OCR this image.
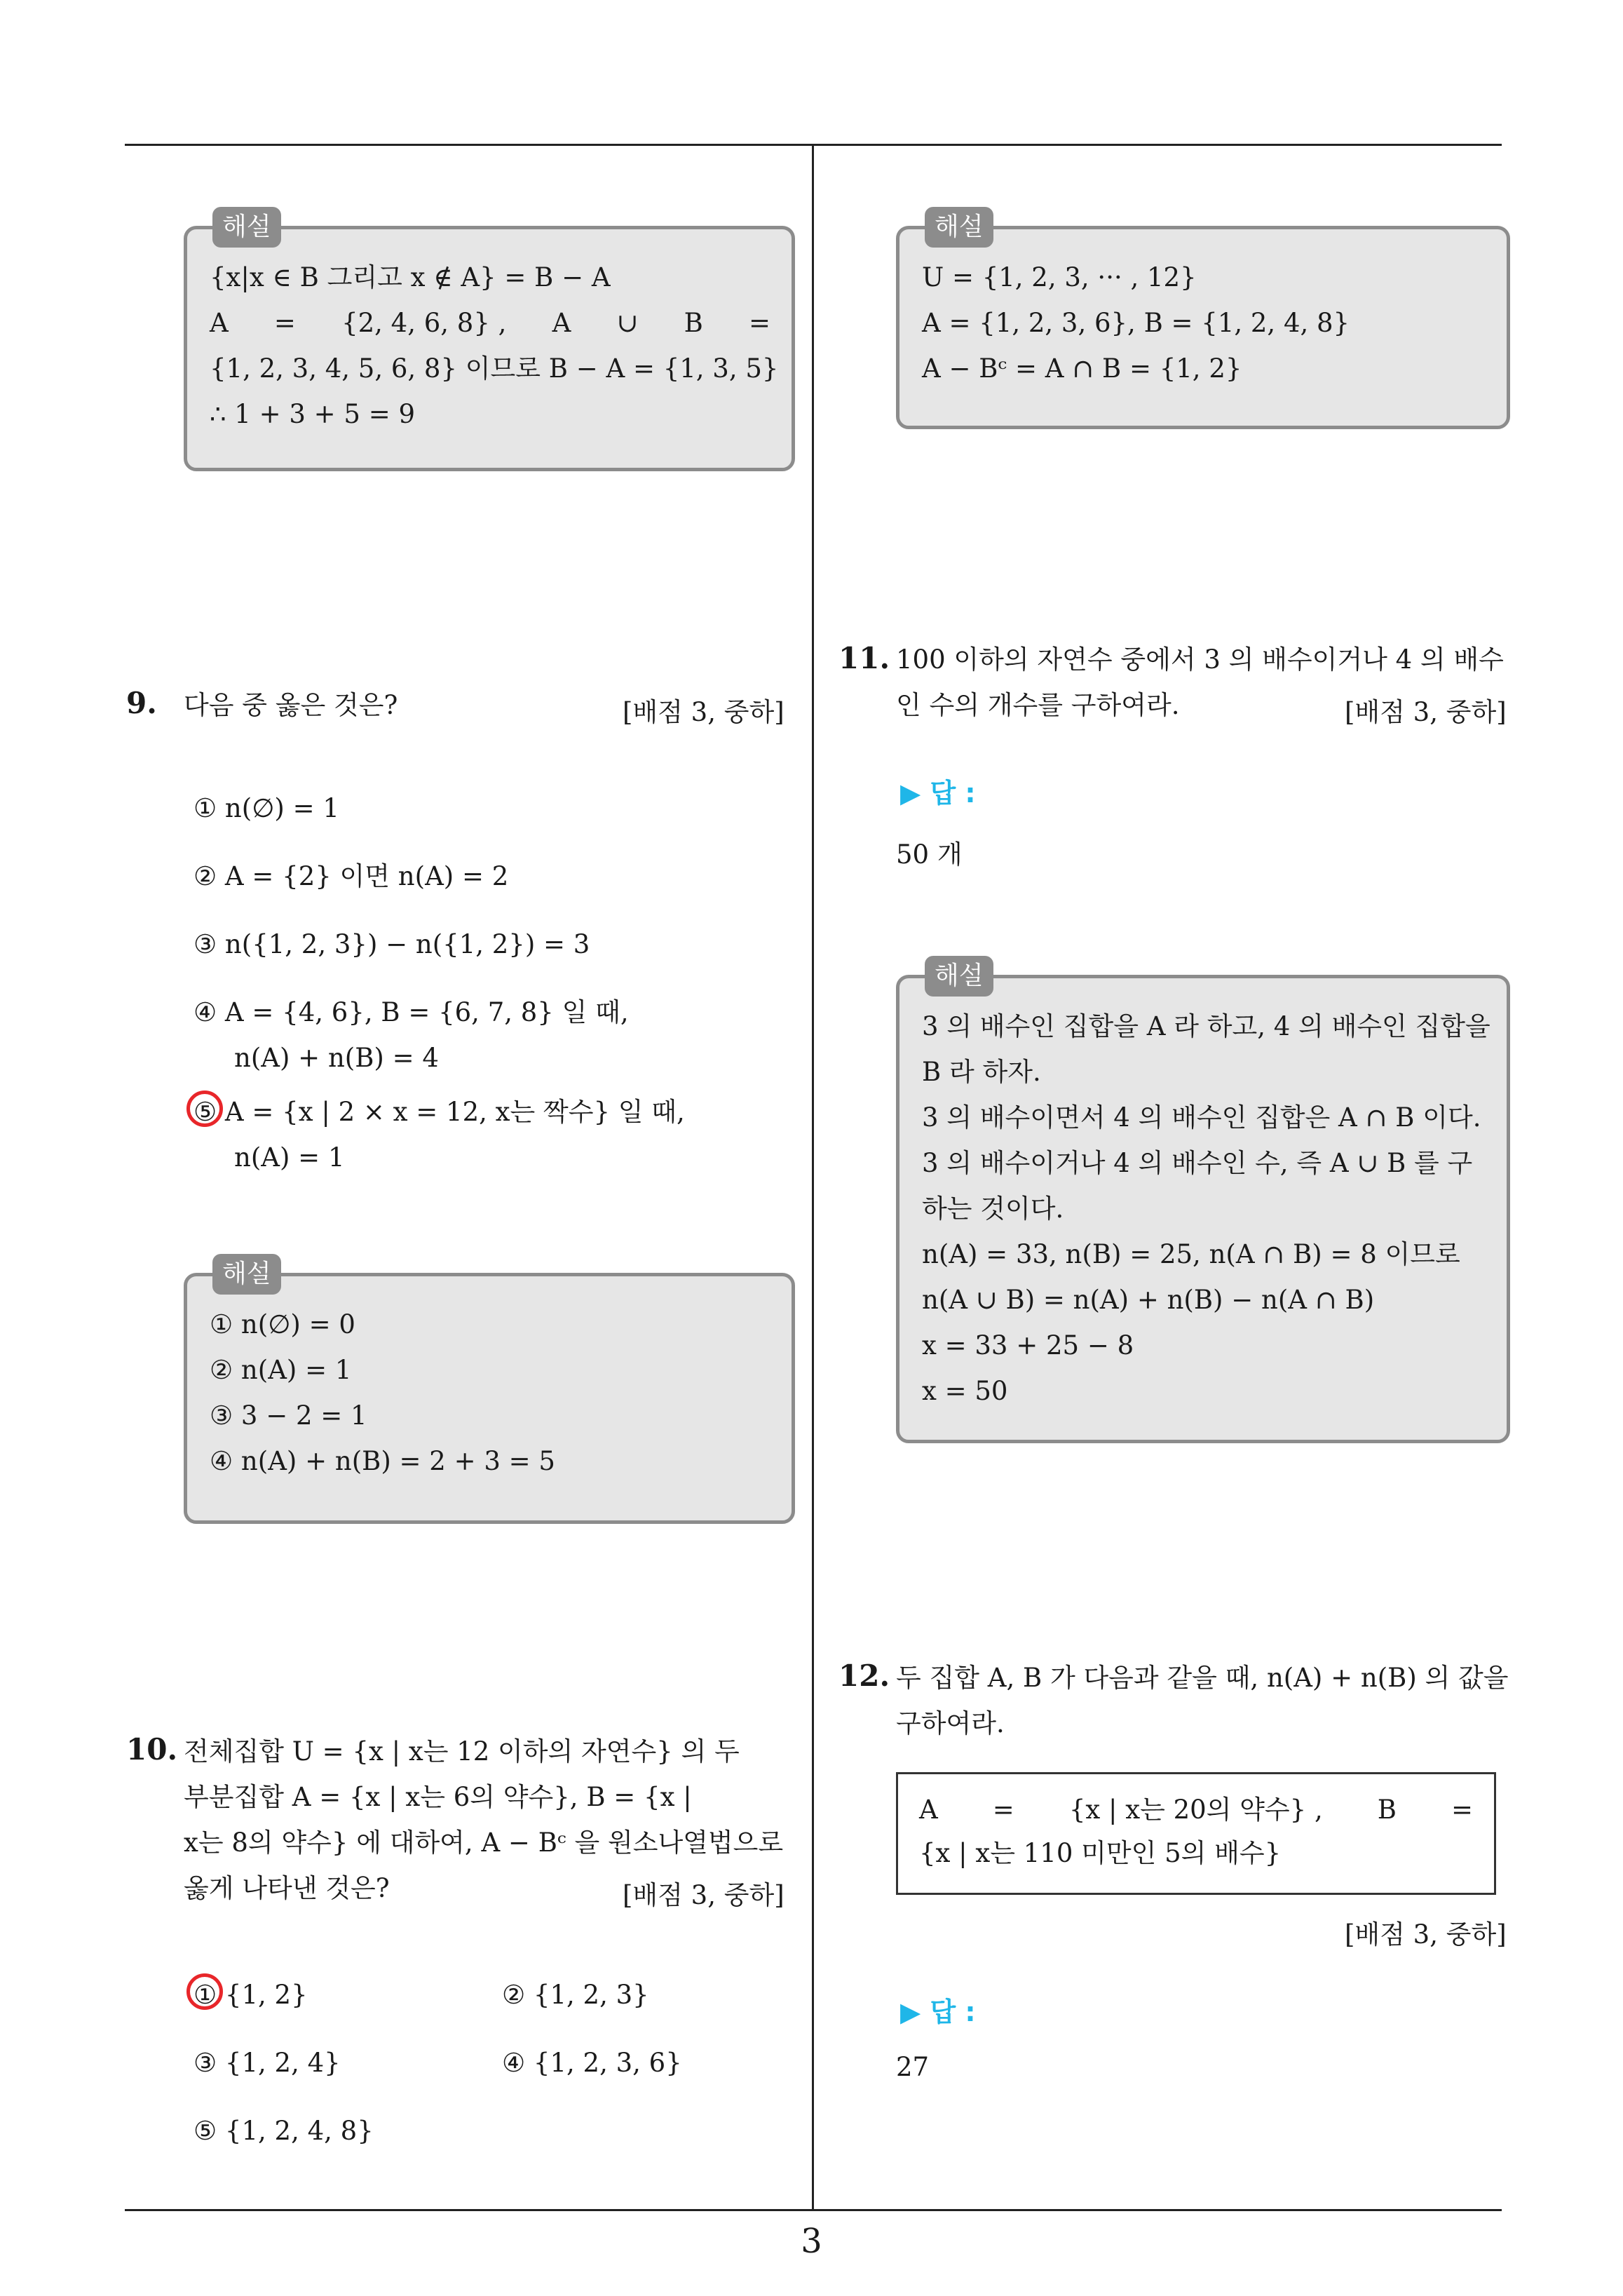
해설
{x|x ∈ B 그리고 x ∉ A} = B − A
A = {2, 4, 6, 8} , A ∪ B =
{1, 2, 3, 4, 5, 6, 8} 이므로 B − A = {1, 3, 5}
∴ 1 + 3 + 5 = 9
9. 다음 중 옳은 것은?	[배점 3, 중하]
① n(∅) = 1
② A = {2} 이면 n(A) = 2
③ n({1, 2, 3}) − n({1, 2}) = 3
④ A = {4, 6}, B = {6, 7, 8} 일 때,
n(A) + n(B) = 4
⑤ A = {x | 2 × x = 12, x는 짝수} 일 때,
n(A) = 1
해설
① n(∅) = 0
② n(A) = 1
③ 3 − 2 = 1
④ n(A) + n(B) = 2 + 3 = 5
10. 전체집합 U = {x | x는 12 이하의 자연수} 의 두
부분집합 A = {x | x는 6의 약수}, B = {x |
x는 8의 약수} 에 대하여, A − Bᶜ 을 원소나열법으로
옳게 나타낸 것은?	[배점 3, 중하]
① {1, 2}	② {1, 2, 3}
③ {1, 2, 4}	④ {1, 2, 3, 6}
⑤ {1, 2, 4, 8}
해설
U = {1, 2, 3, ··· , 12}
A = {1, 2, 3, 6}, B = {1, 2, 4, 8}
A − Bᶜ = A ∩ B = {1, 2}
11. 100 이하의 자연수 중에서 3 의 배수이거나 4 의 배수
인 수의 개수를 구하여라.	[배점 3, 중하]
▶ 답 :
50 개
해설
3 의 배수인 집합을 A 라 하고, 4 의 배수인 집합을
B 라 하자.
3 의 배수이면서 4 의 배수인 집합은 A ∩ B 이다.
3 의 배수이거나 4 의 배수인 수, 즉 A ∪ B 를 구
하는 것이다.
n(A) = 33, n(B) = 25, n(A ∩ B) = 8 이므로
n(A ∪ B) = n(A) + n(B) − n(A ∩ B)
x = 33 + 25 − 8
x = 50
12. 두 집합 A, B 가 다음과 같을 때, n(A) + n(B) 의 값을
구하여라.
A = {x | x는 20의 약수} , B =
{x | x는 110 미만인 5의 배수}
[배점 3, 중하]
▶ 답 :
27
3
